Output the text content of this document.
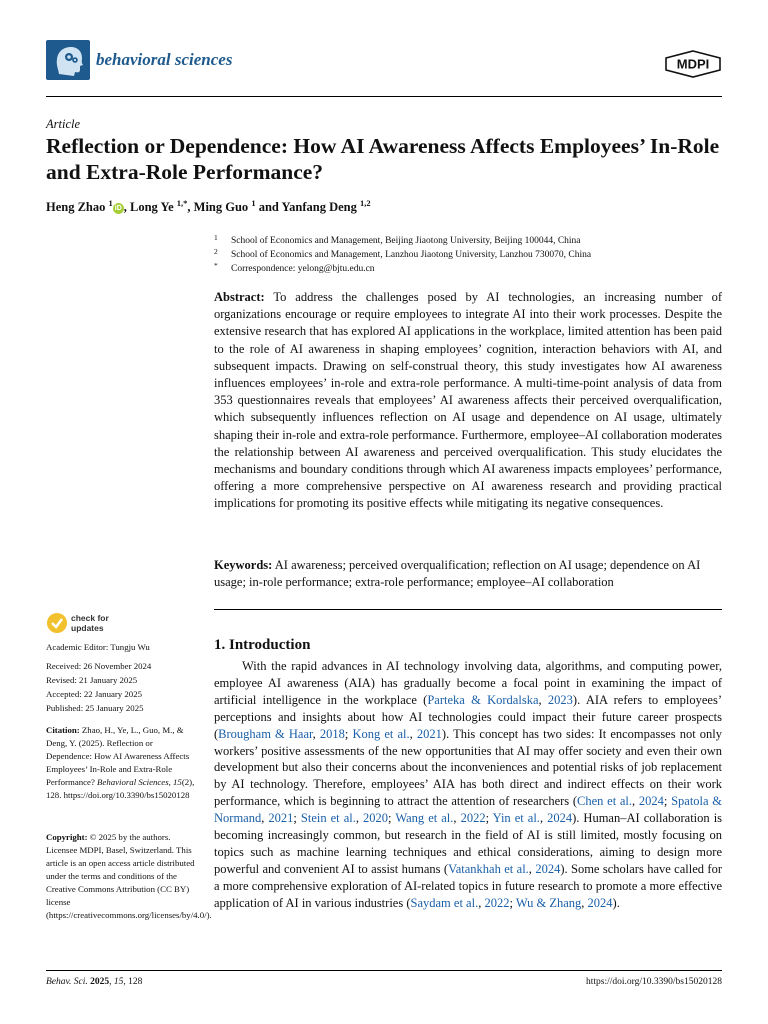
behavioral sciences	MDPI
Article
Reflection or Dependence: How AI Awareness Affects Employees’ In-Role and Extra-Role Performance?
Heng Zhao $^1$iD , Long Ye $^{1,*}$, Ming Guo $^1$ and Yanfang Deng $^{1,2}$
1 School of Economics and Management, Beijing Jiaotong University, Beijing 100044, China
2 School of Economics and Management, Lanzhou Jiaotong University, Lanzhou 730070, China
* Correspondence: yelong@bjtu.edu.cn

Abstract: To address the challenges posed by AI technologies, an increasing number of organizations encourage or require employees to integrate AI into their work processes. Despite the extensive research that has explored AI applications in the workplace, limited attention has been paid to the role of AI awareness in shaping employees’ cognition, interaction behaviors with AI, and subsequent impacts. Drawing on self-construal theory, this study investigates how AI awareness influences employees’ in-role and extra-role performance. A multi-time-point analysis of data from 353 questionnaires reveals that employees’ AI awareness affects their perceived overqualification, which subsequently influences reflection on AI usage and dependence on AI usage, ultimately shaping their in-role and extra-role performance. Furthermore, employee–AI collaboration moderates the relationship between AI awareness and perceived overqualification. This study elucidates the mechanisms and boundary conditions through which AI awareness impacts employees’ performance, offering a more comprehensive perspective on AI awareness research and providing practical implications for promoting its positive effects while mitigating its negative consequences.

Keywords: AI awareness; perceived overqualification; reflection on AI usage; dependence on AI usage; in-role performance; extra-role performance; employee–AI collaboration

check for
updates
Academic Editor: Tungju Wu
Received: 26 November 2024
Revised: 21 January 2025
Accepted: 22 January 2025
Published: 25 January 2025
Citation: Zhao, H., Ye, L., Guo, M., & Deng, Y. (2025). Reflection or Dependence: How AI Awareness Affects Employees’ In-Role and Extra-Role Performance? Behavioral Sciences, 15(2), 128. https://doi.org/10.3390/bs15020128
Copyright: © 2025 by the authors. Licensee MDPI, Basel, Switzerland. This article is an open access article distributed under the terms and conditions of the Creative Commons Attribution (CC BY) license (https://creativecommons.org/licenses/by/4.0/).
1. Introduction

With the rapid advances in AI technology involving data, algorithms, and computing power, employee AI awareness (AIA) has gradually become a focal point in examining the impact of artificial intelligence in the workplace (Parteka & Kordalska, 2023). AIA refers to employees’ perceptions and insights about how AI technologies could impact their future career prospects (Brougham & Haar, 2018; Kong et al., 2021). This concept has two sides: It encompasses not only workers’ positive assessments of the new opportunities that AI may offer society and even their own development but also their concerns about the inconveniences and potential risks of job replacement by AI technology. Therefore, employees’ AIA has both direct and indirect effects on their work performance, which is beginning to attract the attention of researchers (Chen et al., 2024; Spatola & Normand, 2021; Stein et al., 2020; Wang et al., 2022; Yin et al., 2024). Human–AI collaboration is becoming increasingly common, but research in the field of AI is still limited, mostly focusing on topics such as machine learning techniques and ethical considerations, aiming to design more powerful and convenient AI to assist humans (Vatankhah et al., 2024). Some scholars have called for a more comprehensive exploration of AI-related topics in future research to promote a more effective application of AI in various industries (Saydam et al., 2022; Wu & Zhang, 2024).

Behav. Sci. 2025, 15, 128	https://doi.org/10.3390/bs15020128
